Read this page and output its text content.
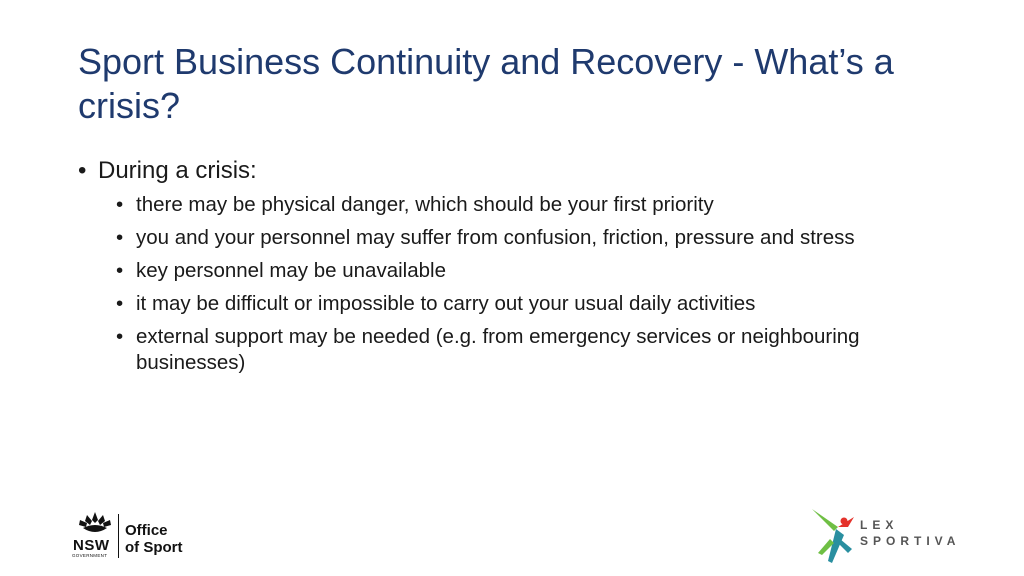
Sport Business Continuity and Recovery - What’s a crisis?
• During a crisis:
• there may be physical danger, which should be your first priority
• you and your personnel may suffer from confusion, friction, pressure and stress
• key personnel may be unavailable
• it may be difficult or impossible to carry out your usual daily activities
• external support may be needed (e.g. from emergency services or neighbouring businesses)
NSW
GOVERNMENT
Office
of Sport
LEX
SPORTIVA
